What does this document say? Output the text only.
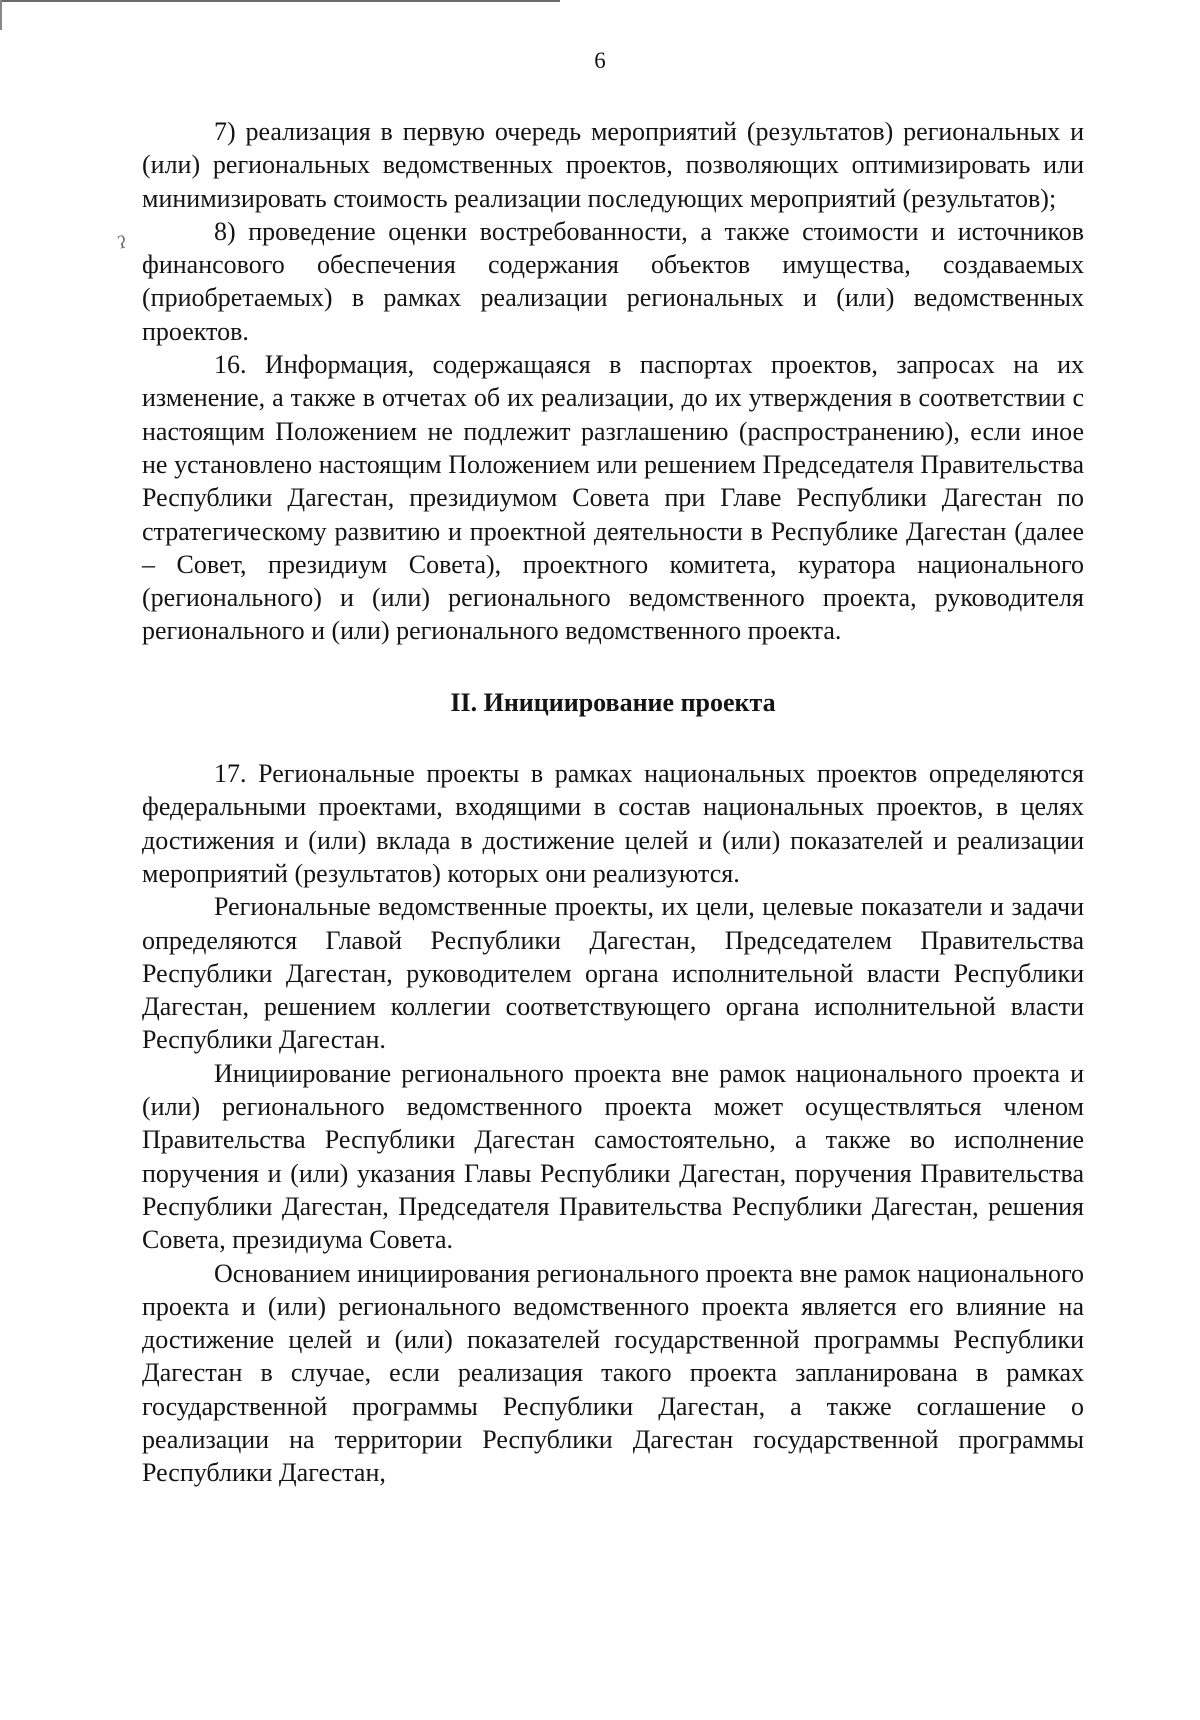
6
ʔ

7) реализация в первую очередь мероприятий (результатов) региональных и (или) региональных ведомственных проектов, позволяющих оптимизировать или минимизировать стоимость реализации последующих мероприятий (результатов);

8) проведение оценки востребованности, а также стоимости и источников финансового обеспечения содержания объектов имущества, создаваемых (приобретаемых) в рамках реализации региональных и (или) ведомственных проектов.

16. Информация, содержащаяся в паспортах проектов, запросах на их изменение, а также в отчетах об их реализации, до их утверждения в соответствии с настоящим Положением не подлежит разглашению (распространению), если иное не установлено настоящим Положением или решением Председателя Правительства Республики Дагестан, президиумом Совета при Главе Республики Дагестан по стратегическому развитию и проектной деятельности в Республике Дагестан (далее – Совет, президиум Совета), проектного комитета, куратора национального (регионального) и (или) регионального ведомственного проекта, руководителя регионального и (или) регионального ведомственного проекта.

II. Инициирование проекта

17. Региональные проекты в рамках национальных проектов определяются федеральными проектами, входящими в состав национальных проектов, в целях достижения и (или) вклада в достижение целей и (или) показателей и реализации мероприятий (результатов) которых они реализуются.

Региональные ведомственные проекты, их цели, целевые показатели и задачи определяются Главой Республики Дагестан, Председателем Правительства Республики Дагестан, руководителем органа исполнительной власти Республики Дагестан, решением коллегии соответствующего органа исполнительной власти Республики Дагестан.

Инициирование регионального проекта вне рамок национального проекта и (или) регионального ведомственного проекта может осуществляться членом Правительства Республики Дагестан самостоятельно, а также во исполнение поручения и (или) указания Главы Республики Дагестан, поручения Правительства Республики Дагестан, Председателя Правительства Республики Дагестан, решения Совета, президиума Совета.

Основанием инициирования регионального проекта вне рамок национального проекта и (или) регионального ведомственного проекта является его влияние на достижение целей и (или) показателей государственной программы Республики Дагестан в случае, если реализация такого проекта запланирована в рамках государственной программы Республики Дагестан, а также соглашение о реализации на территории Республики Дагестан государственной программы Республики Дагестан,
